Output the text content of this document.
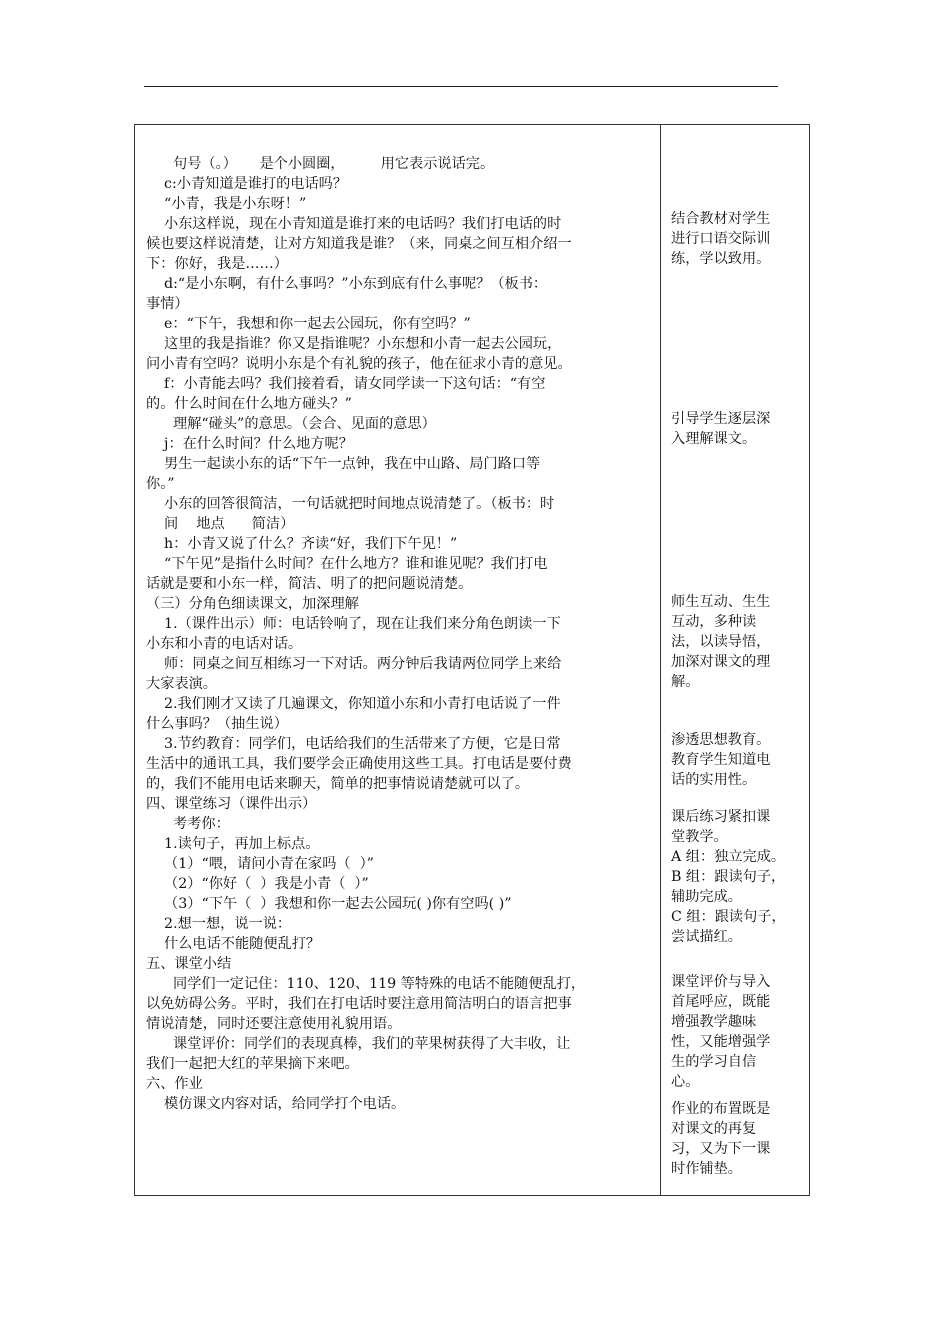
句号（。）     是个小圆圈，        用它表示说话完。
c:小青知道是谁打的电话吗？
“小青，我是小东呀！”
小东这样说，现在小青知道是谁打来的电话吗？我们打电话的时
候也要这样说清楚，让对方知道我是谁？（来，同桌之间互相介绍一
下：你好，我是……）
d:“是小东啊，有什么事吗？”小东到底有什么事呢？（板书：
事情）
e：“下午，我想和你一起去公园玩，你有空吗？”
这里的我是指谁？你又是指谁呢？小东想和小青一起去公园玩，
问小青有空吗？说明小东是个有礼貌的孩子，他在征求小青的意见。
f：小青能去吗？我们接着看，请女同学读一下这句话：“有空
的。什么时间在什么地方碰头？”
理解“碰头”的意思。（会合、见面的意思）
j：在什么时间？什么地方呢？
男生一起读小东的话“下午一点钟，我在中山路、局门路口等
你。”
小东的回答很简洁，一句话就把时间地点说清楚了。（板书：时
间    地点      简洁）
h：小青又说了什么？齐读“好，我们下午见！”
“下午见”是指什么时间？在什么地方？谁和谁见呢？我们打电
话就是要和小东一样，简洁、明了的把问题说清楚。
（三）分角色细读课文，加深理解
1.（课件出示）师：电话铃响了，现在让我们来分角色朗读一下
小东和小青的电话对话。
师：同桌之间互相练习一下对话。两分钟后我请两位同学上来给
大家表演。
2.我们刚才又读了几遍课文，你知道小东和小青打电话说了一件
什么事吗？（抽生说）
3.节约教育：同学们，电话给我们的生活带来了方便，它是日常
生活中的通讯工具，我们要学会正确使用这些工具。打电话是要付费
的，我们不能用电话来聊天，简单的把事情说请楚就可以了。
四、课堂练习（课件出示）
考考你：
1.读句子，再加上标点。
（1）“喂，请问小青在家吗（  ）”
（2）“你好（  ）我是小青（  ）”
（3）“下午（  ）我想和你一起去公园玩( )你有空吗( )”
2.想一想，说一说：
什么电话不能随便乱打？
五、课堂小结
同学们一定记住：110、120、119 等特殊的电话不能随便乱打，
以免妨碍公务。平时，我们在打电话时要注意用简洁明白的语言把事
情说清楚，同时还要注意使用礼貌用语。
课堂评价：同学们的表现真棒，我们的苹果树获得了大丰收，让
我们一起把大红的苹果摘下来吧。
六、作业
模仿课文内容对话，给同学打个电话。
结合教材对学生
进行口语交际训
练，学以致用。
引导学生逐层深
入理解课文。
师生互动、生生
互动，多种读
法，以读导悟，
加深对课文的理
解。
渗透思想教育。
教育学生知道电
话的实用性。
课后练习紧扣课
堂教学。
A 组：独立完成。
B 组：跟读句子，
辅助完成。
C 组：跟读句子，
尝试描红。
课堂评价与导入
首尾呼应，既能
增强教学趣味
性，又能增强学
生的学习自信
心。
作业的布置既是
对课文的再复
习，又为下一课
时作铺垫。
